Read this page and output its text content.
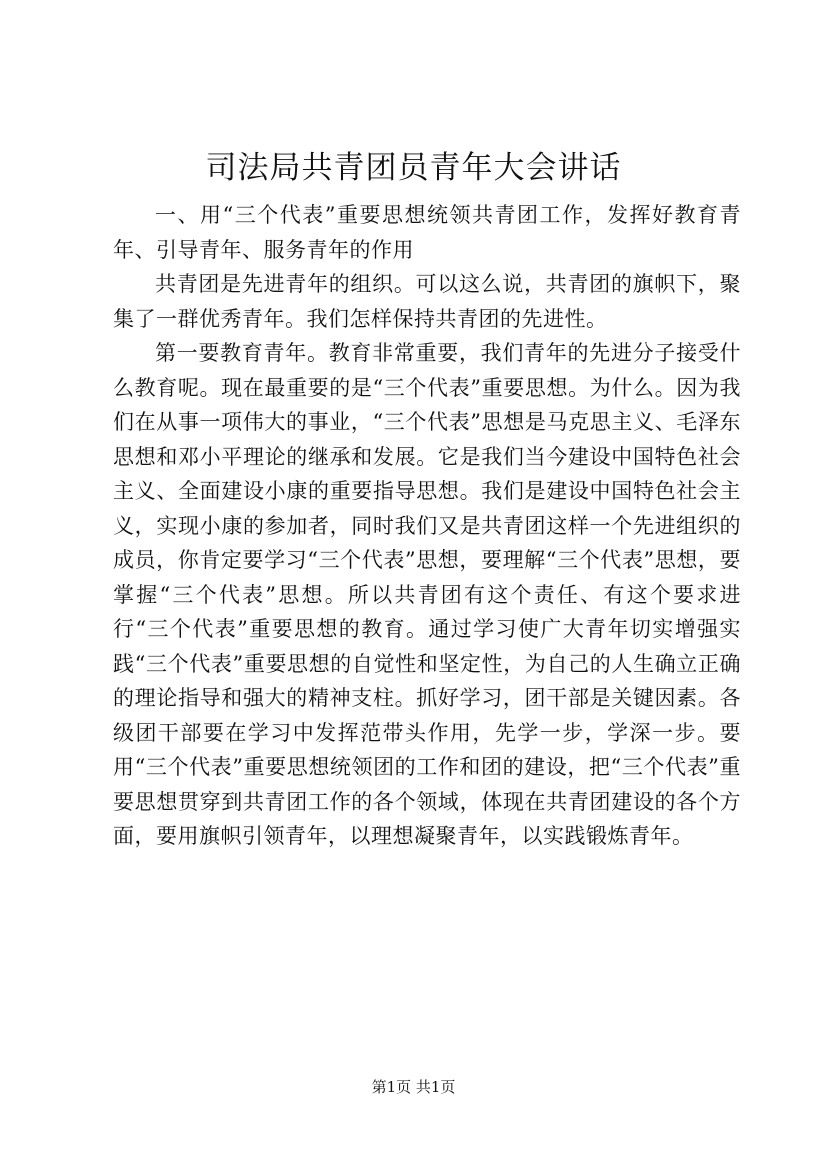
司法局共青团员青年大会讲话

一、用“三个代表”重要思想统领共青团工作，发挥好教育青年、引导青年、服务青年的作用

共青团是先进青年的组织。可以这么说，共青团的旗帜下，聚集了一群优秀青年。我们怎样保持共青团的先进性。

第一要教育青年。教育非常重要，我们青年的先进分子接受什么教育呢。现在最重要的是“三个代表”重要思想。为什么。因为我们在从事一项伟大的事业，“三个代表”思想是马克思主义、毛泽东思想和邓小平理论的继承和发展。它是我们当今建设中国特色社会主义、全面建设小康的重要指导思想。我们是建设中国特色社会主义，实现小康的参加者，同时我们又是共青团这样一个先进组织的成员，你肯定要学习“三个代表”思想，要理解“三个代表”思想，要掌握“三个代表”思想。所以共青团有这个责任、有这个要求进行“三个代表”重要思想的教育。通过学习使广大青年切实增强实践“三个代表”重要思想的自觉性和坚定性，为自己的人生确立正确的理论指导和强大的精神支柱。抓好学习，团干部是关键因素。各级团干部要在学习中发挥范带头作用，先学一步，学深一步。要用“三个代表”重要思想统领团的工作和团的建设，把“三个代表”重要思想贯穿到共青团工作的各个领域，体现在共青团建设的各个方面，要用旗帜引领青年，以理想凝聚青年，以实践锻炼青年。

第1页 共1页
